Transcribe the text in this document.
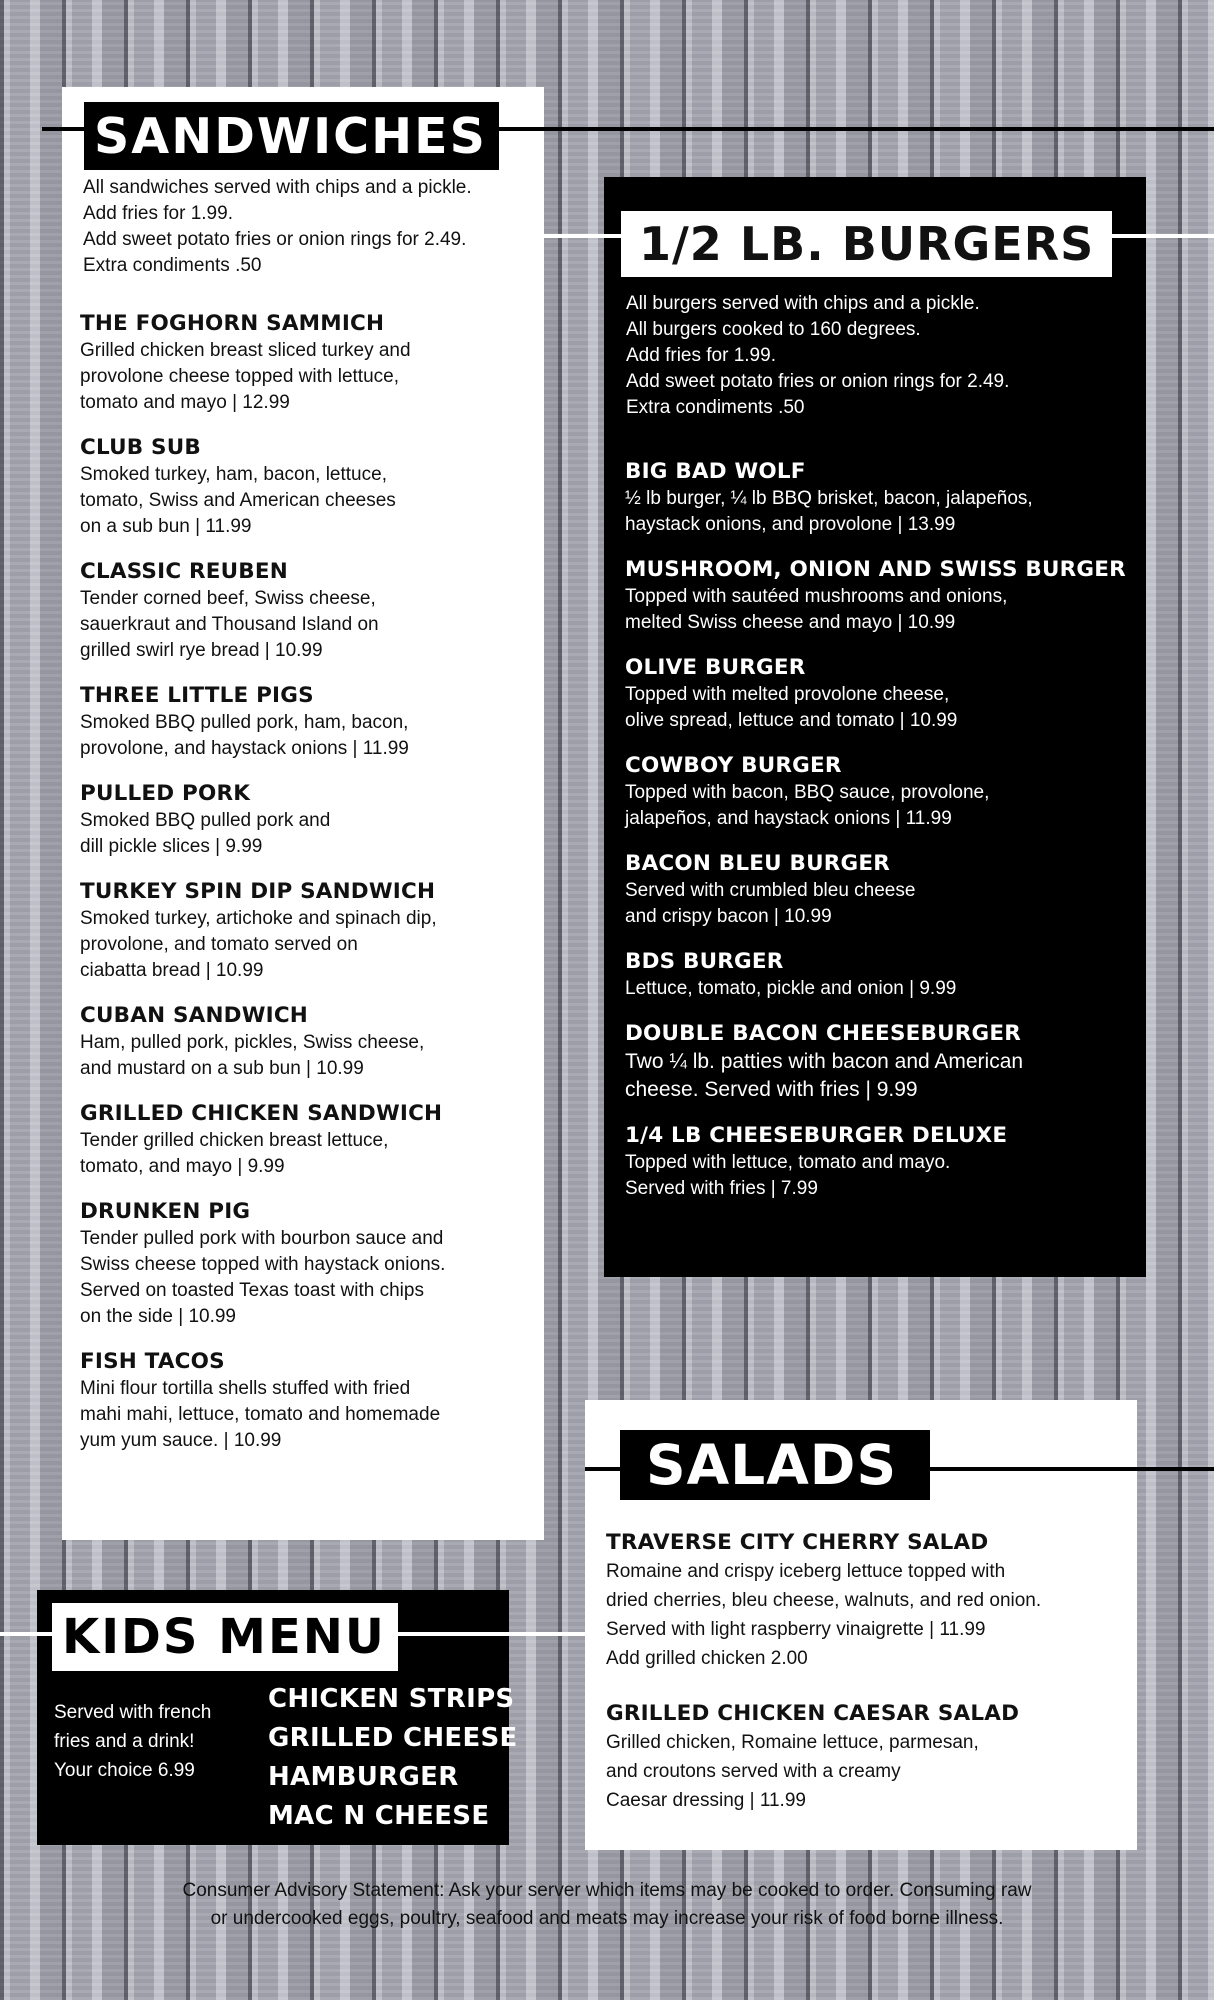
All sandwiches served with chips and a pickle.

Add fries for 1.99.

Add sweet potato fries or onion rings for 2.49.

Extra condiments .50

THE FOGHORN SAMMICH

Grilled chicken breast sliced turkey and

provolone cheese topped with lettuce,

tomato and mayo | 12.99

CLUB SUB

Smoked turkey, ham, bacon, lettuce,

tomato, Swiss and American cheeses

on a sub bun | 11.99

CLASSIC REUBEN

Tender corned beef, Swiss cheese,

sauerkraut and Thousand Island on

grilled swirl rye bread | 10.99

THREE LITTLE PIGS

Smoked BBQ pulled pork, ham, bacon,

provolone, and haystack onions | 11.99

PULLED PORK

Smoked BBQ pulled pork and

dill pickle slices | 9.99

TURKEY SPIN DIP SANDWICH

Smoked turkey, artichoke and spinach dip,

provolone, and tomato served on

ciabatta bread | 10.99

CUBAN SANDWICH

Ham, pulled pork, pickles, Swiss cheese,

and mustard on a sub bun | 10.99

GRILLED CHICKEN SANDWICH

Tender grilled chicken breast lettuce,

tomato, and mayo | 9.99

DRUNKEN PIG

Tender pulled pork with bourbon sauce and

Swiss cheese topped with haystack onions.

Served on toasted Texas toast with chips

on the side | 10.99

FISH TACOS

Mini flour tortilla shells stuffed with fried

mahi mahi, lettuce, tomato and homemade

yum yum sauce. | 10.99

SANDWICHES

All burgers served with chips and a pickle.

All burgers cooked to 160 degrees.

Add fries for 1.99.

Add sweet potato fries or onion rings for 2.49.

Extra condiments .50

BIG BAD WOLF

½ lb burger, ¼ lb BBQ brisket, bacon, jalapeños,

haystack onions, and provolone | 13.99

MUSHROOM, ONION AND SWISS BURGER

Topped with sautéed mushrooms and onions,

melted Swiss cheese and mayo | 10.99

OLIVE BURGER

Topped with melted provolone cheese,

olive spread, lettuce and tomato | 10.99

COWBOY BURGER

Topped with bacon, BBQ sauce, provolone,

jalapeños, and haystack onions | 11.99

BACON BLEU BURGER

Served with crumbled bleu cheese

and crispy bacon | 10.99

BDS BURGER

Lettuce, tomato, pickle and onion | 9.99

DOUBLE BACON CHEESEBURGER

Two ¼ lb. patties with bacon and American

cheese. Served with fries | 9.99

1/4 LB CHEESEBURGER DELUXE

Topped with lettuce, tomato and mayo.

Served with fries | 7.99

1/2 LB. BURGERS
TRAVERSE CITY CHERRY SALAD

Romaine and crispy iceberg lettuce topped with

dried cherries, bleu cheese, walnuts, and red onion.

Served with light raspberry vinaigrette | 11.99

Add grilled chicken 2.00

GRILLED CHICKEN CAESAR SALAD

Grilled chicken, Romaine lettuce, parmesan,

and croutons served with a creamy

Caesar dressing | 11.99

SALADS

Served with french

fries and a drink!

Your choice 6.99

CHICKEN STRIPS
GRILLED CHEESE
HAMBURGER
MAC N CHEESE
KIDS MENU

Consumer Advisory Statement: Ask your server which items may be cooked to order. Consuming raw

or undercooked eggs, poultry, seafood and meats may increase your risk of food borne illness.
